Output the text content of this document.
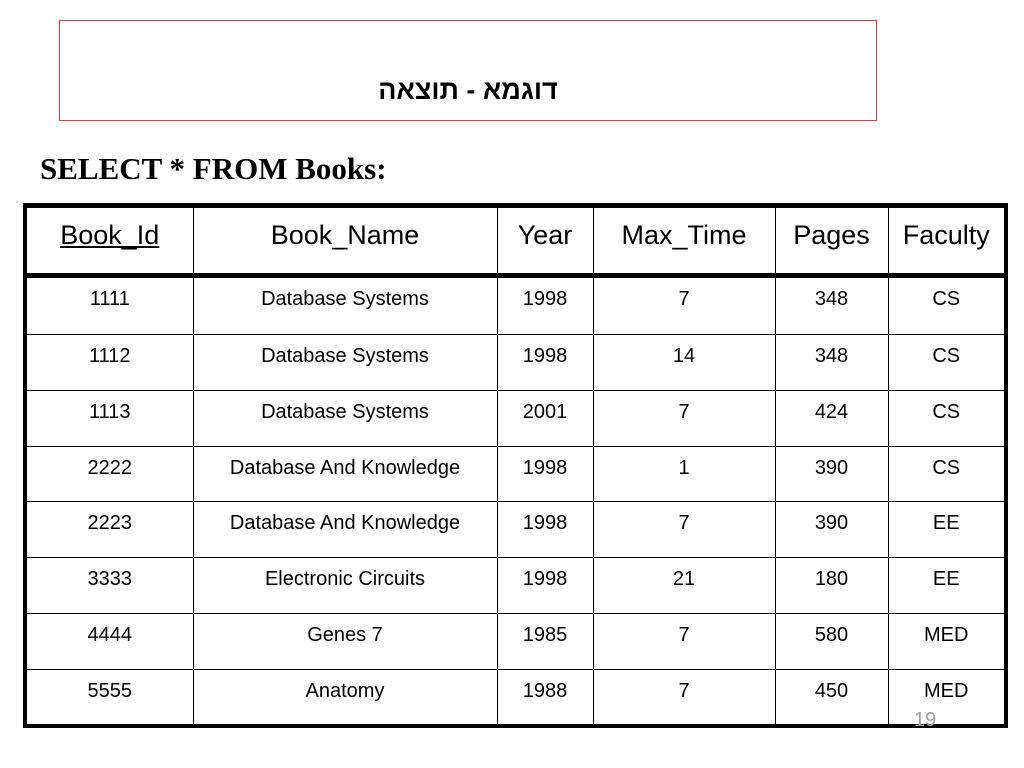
דוגמא - תוצאה
SELECT * FROM Books:
Book_Id	Book_Name	Year	Max_Time	Pages	Faculty
1111	Database Systems	1998	7	348	CS
1112	Database Systems	1998	14	348	CS
1113	Database Systems	2001	7	424	CS
2222	Database And Knowledge	1998	1	390	CS
2223	Database And Knowledge	1998	7	390	EE
3333	Electronic Circuits	1998	21	180	EE
4444	Genes 7	1985	7	580	MED
5555	Anatomy	1988	7	450	MED
19
